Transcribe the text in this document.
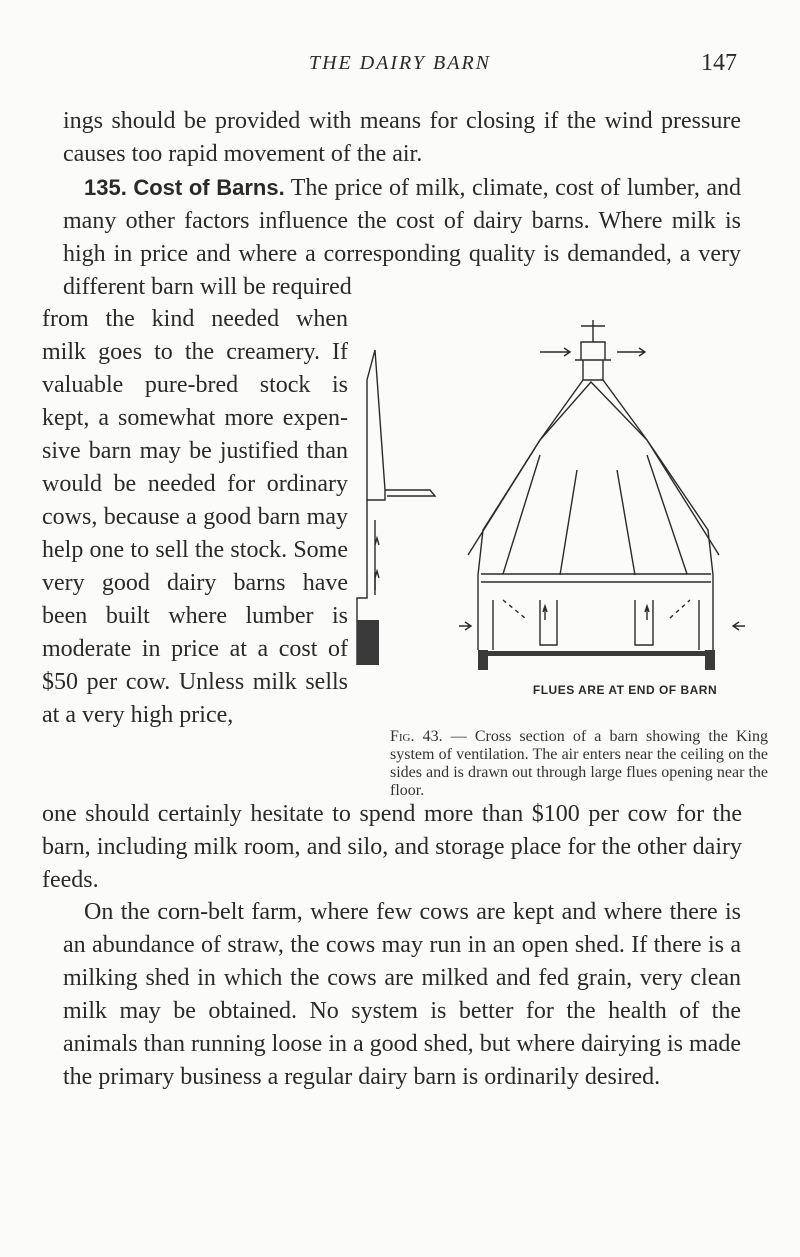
THE DAIRY BARN	147

ings should be provided with means for closing if the wind pressure causes too rapid movement of the air.

135. Cost of Barns. The price of milk, climate, cost of lumber, and many other factors influence the cost of dairy barns. Where milk is high in price and where a corresponding quality is demanded, a very different barn will be required

from the kind needed when milk goes to the creamery. If valuable pure-bred stock is kept, a somewhat more expensive barn may be justified than would be needed for ordinary cows, because a good barn may help one to sell the stock. Some very good dairy barns have been built where lumber is moderate in price at a cost of $50 per cow. Unless milk sells at a very high price,

one should certainly hesitate to spend more than $100 per cow for the barn, including milk room, and silo, and storage place for the other dairy feeds.

On the corn-belt farm, where few cows are kept and where there is an abundance of straw, the cows may run in an open shed. If there is a milking shed in which the cows are milked and fed grain, very clean milk may be obtained. No system is better for the health of the animals than running loose in a good shed, but where dairying is made the primary business a regular dairy barn is ordinarily desired.

FLUES ARE AT END OF BARN

Fig. 43. — Cross section of a barn showing the King system of ventilation. The air enters near the ceiling on the sides and is drawn out through large flues opening near the floor.
